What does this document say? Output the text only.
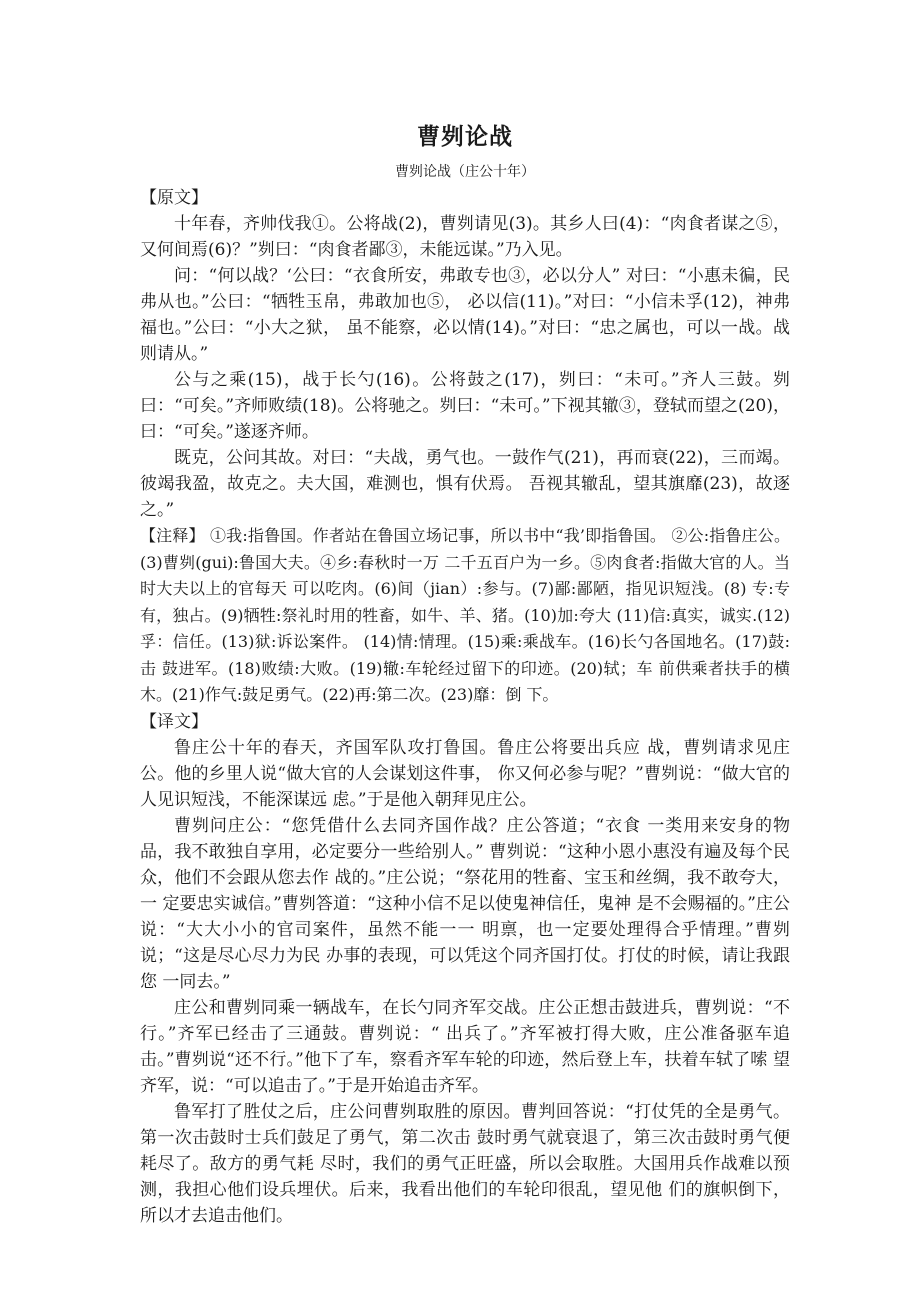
曹刿论战

曹刿论战（庄公十年）

【原文】

十年春，齐帅伐我①。公将战(2)，曹刿请见(3)。其乡人曰(4)：“肉食者谋之⑤，又何间焉(6)？”刿曰：“肉食者鄙③，未能远谋。”乃入见。

问：“何以战？‘公曰：“衣食所安，弗敢专也③，必以分人” 对曰：“小惠未徧，民弗从也。”公曰：“牺牲玉帛，弗敢加也⑤， 必以信(11)。”对曰：“小信未孚(12)，神弗福也。”公曰：“小大之狱， 虽不能察，必以情(14)。”对曰：“忠之属也，可以一战。战则请从。”

公与之乘(15)，战于长勺(16)。公将鼓之(17)，刿曰：“未可。”齐人三鼓。刿曰：“可矣。”齐师败绩(18)。公将驰之。刿曰：“未可。”下视其辙③，登轼而望之(20)，曰：“可矣。”遂逐齐师。

既克，公问其故。对曰：“夫战，勇气也。一鼓作气(21)，再而衰(22)，三而竭。彼竭我盈，故克之。夫大国，难测也，惧有伏焉。 吾视其辙乱，望其旗靡(23)，故逐之。”

【注释】 ①我:指鲁国。作者站在鲁国立场记事，所以书中“我’即指鲁国。 ②公:指鲁庄公。(3)曹刿(gui):鲁国大夫。④乡:春秋时一万 二千五百户为一乡。⑤肉食者:指做大官的人。当时大夫以上的官每天 可以吃肉。(6)间（jian）:参与。(7)鄙:鄙陋，指见识短浅。(8) 专:专有，独占。(9)牺牲:祭礼时用的牲畜，如牛、羊、猪。(10)加:夸大 (11)信:真实，诚实.(12)孚：信任。(13)狱:诉讼案件。 (14)情:情理。(15)乘:乘战车。(16)长勺各国地名。(17)鼓:击 鼓进军。(18)败绩:大败。(19)辙:车轮经过留下的印迹。(20)轼；车 前供乘者扶手的横木。(21)作气:鼓足勇气。(22)再:第二次。(23)靡：倒 下。

【译文】

鲁庄公十年的春天，齐国军队攻打鲁国。鲁庄公将要出兵应 战，曹刿请求见庄公。他的乡里人说“做大官的人会谋划这件事， 你又何必参与呢？”曹刿说：“做大官的人见识短浅，不能深谋远 虑。”于是他入朝拜见庄公。

曹刿问庄公：“您凭借什么去同齐国作战？庄公答道；“衣食 一类用来安身的物品，我不敢独自享用，必定要分一些给别人。” 曹刿说：“这种小恩小惠没有遍及每个民众，他们不会跟从您去作 战的。”庄公说；“祭花用的牲畜、宝玉和丝绸，我不敢夸大，一 定要忠实诚信。”曹刿答道：“这种小信不足以使鬼神信任，鬼神 是不会赐福的。”庄公说：“大大小小的官司案件，虽然不能一一 明禀，也一定要处理得合乎情理。”曹刿说；“这是尽心尽力为民 办事的表现，可以凭这个同齐国打仗。打仗的时候，请让我跟您 一同去。”

庄公和曹刿同乘一辆战车，在长勺同齐军交战。庄公正想击鼓进兵，曹刿说：“不行。”齐军已经击了三通鼓。曹刿说：“ 出兵了。”齐军被打得大败，庄公准备驱车追击。”曹刿说“还不行。”他下了车，察看齐军车轮的印迹，然后登上车，扶着车轼了嗦 望齐军，说：“可以追击了。”于是开始追击齐军。

鲁军打了胜仗之后，庄公问曹刿取胜的原因。曹判回答说：“打仗凭的全是勇气。第一次击鼓时士兵们鼓足了勇气，第二次击 鼓时勇气就衰退了，第三次击鼓时勇气便耗尽了。敌方的勇气耗 尽时，我们的勇气正旺盛，所以会取胜。大国用兵作战难以预测，我担心他们设兵埋伏。后来，我看出他们的车轮印很乱，望见他 们的旗帜倒下，所以才去追击他们。
